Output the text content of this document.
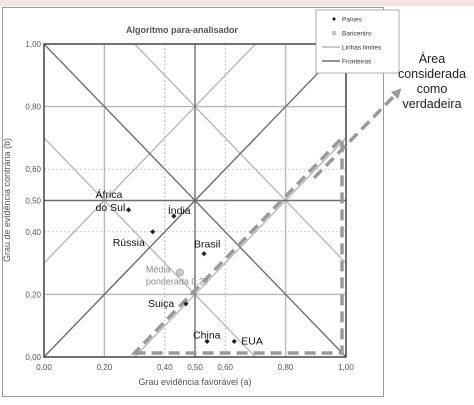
Algoritmo para-analisador
0,00	0,20	0,40 0,50 0,60	0,80	1,00
0,00
0,20
0,40
0,50
0,60
0,80
1,00
África
do Sul	Índia
Rússia	Brasil
Suiça
China EUA
Média
ponderada 0,27
Grau evidência favorável (a)
Grau de evidência contrária (b)
Países
Baricentro
Linhas limites
Fronteiras	Área
considerada
como
verdadeira
